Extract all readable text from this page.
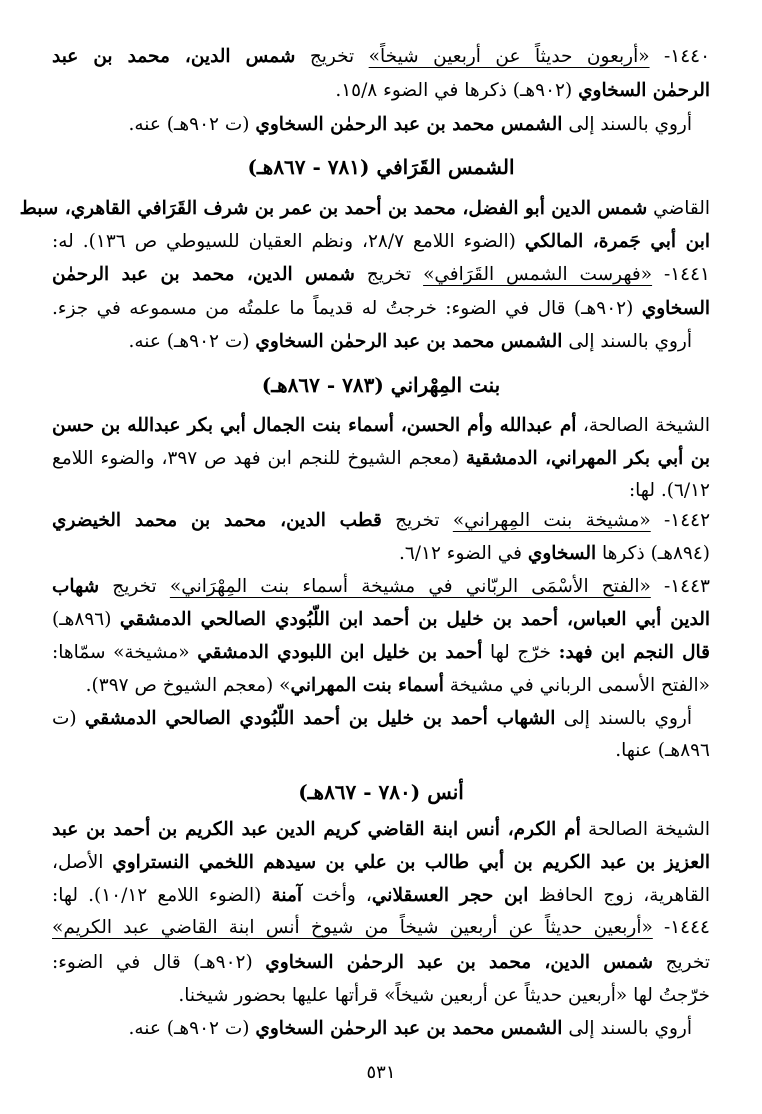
١٤٤٠- «أربعون حديثاً عن أربعين شيخاً» تخريج شمس الدين، محمد بن عبد
الرحمٰن السخاوي (٩٠٢هـ) ذكرها في الضوء ١٥/٨.
أروي بالسند إلى الشمس محمد بن عبد الرحمٰن السخاوي (ت ٩٠٢هـ) عنه.
الشمس القَرَافي (٧٨١ - ٨٦٧هـ)
القاضي شمس الدين أبو الفضل، محمد بن أحمد بن عمر بن شرف القَرَافي القاهري، سبط
ابن أبي جَمرة، المالكي (الضوء اللامع ٢٨/٧، ونظم العقيان للسيوطي ص ١٣٦). له:
١٤٤١- «فهرست الشمس القَرَافي» تخريج شمس الدين، محمد بن عبد الرحمٰن
السخاوي (٩٠٢هـ) قال في الضوء: خرجتُ له قديماً ما علمتُه من مسموعه في جزء.
أروي بالسند إلى الشمس محمد بن عبد الرحمٰن السخاوي (ت ٩٠٢هـ) عنه.
بنت المِهْراني (٧٨٣ - ٨٦٧هـ)
الشيخة الصالحة، أم عبدالله وأم الحسن، أسماء بنت الجمال أبي بكر عبدالله بن حسن
بن أبي بكر المهراني، الدمشقية (معجم الشيوخ للنجم ابن فهد ص ٣٩٧، والضوء اللامع
٦/١٢). لها:
١٤٤٢- «مشيخة بنت المِهراني» تخريج قطب الدين، محمد بن محمد الخيضري
(٨٩٤هـ) ذكرها السخاوي في الضوء ٦/١٢.
١٤٤٣- «الفتح الأسْمَى الربّاني في مشيخة أسماء بنت المِهْرَاني» تخريج شهاب
الدين أبي العباس، أحمد بن خليل بن أحمد ابن اللّبُودي الصالحي الدمشقي (٨٩٦هـ)
قال النجم ابن فهد: خرّج لها أحمد بن خليل ابن اللبودي الدمشقي «مشيخة» سمّاها:
«الفتح الأسمى الرباني في مشيخة أسماء بنت المهراني» (معجم الشيوخ ص ٣٩٧).
أروي بالسند إلى الشهاب أحمد بن خليل بن أحمد اللّبُودي الصالحي الدمشقي (ت
٨٩٦هـ) عنها.
أنس (٧٨٠ - ٨٦٧هـ)
الشيخة الصالحة أم الكرم، أنس ابنة القاضي كريم الدين عبد الكريم بن أحمد بن عبد
العزيز بن عبد الكريم بن أبي طالب بن علي بن سيدهم اللخمي النستراوي الأصل،
القاهرية، زوج الحافظ ابن حجر العسقلاني، وأخت آمنة (الضوء اللامع ١٠/١٢). لها:
١٤٤٤- «أربعين حديثاً عن أربعين شيخاً من شيوخ أنس ابنة القاضي عبد الكريم»
تخريج شمس الدين، محمد بن عبد الرحمٰن السخاوي (٩٠٢هـ) قال في الضوء:
خرّجتُ لها «أربعين حديثاً عن أربعين شيخاً» قرأتها عليها بحضور شيخنا.
أروي بالسند إلى الشمس محمد بن عبد الرحمٰن السخاوي (ت ٩٠٢هـ) عنه.
٥٣١
